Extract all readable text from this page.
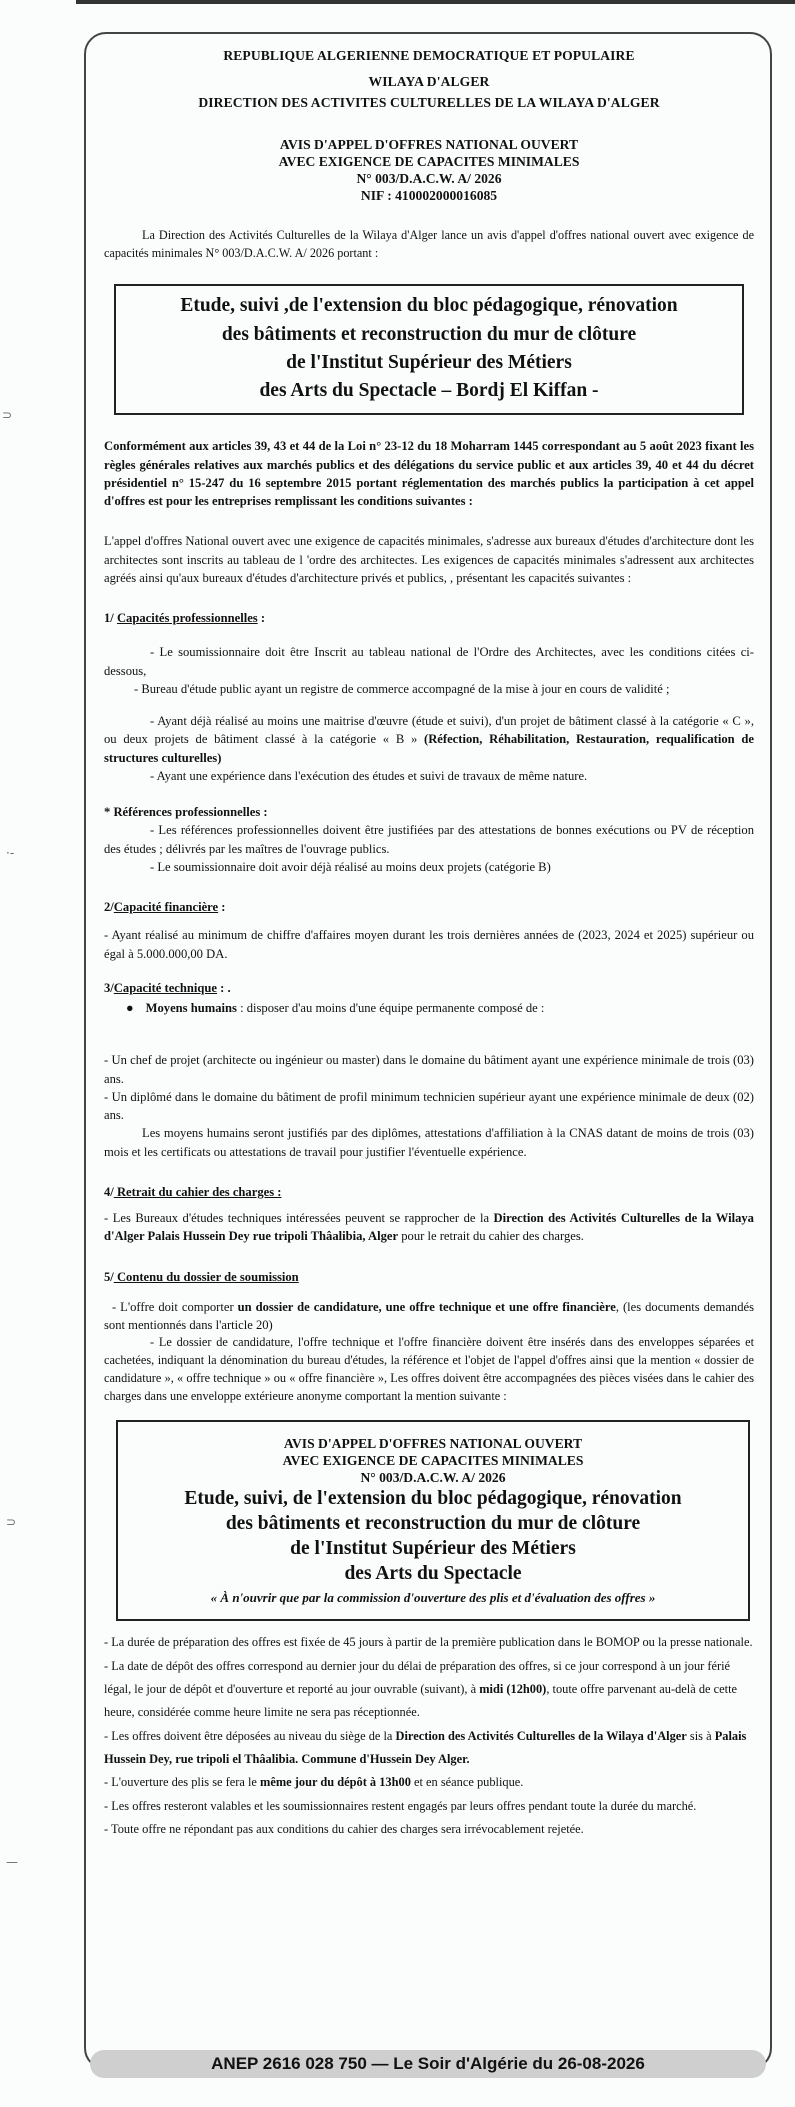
⊃
·-
⊃
—

REPUBLIQUE ALGERIENNE DEMOCRATIQUE ET POPULAIRE

WILAYA D'ALGER

DIRECTION DES ACTIVITES CULTURELLES DE LA WILAYA D'ALGER

AVIS D'APPEL D'OFFRES NATIONAL OUVERT

AVEC EXIGENCE DE CAPACITES MINIMALES

N° 003/D.A.C.W. A/ 2026

NIF : 410002000016085

La Direction des Activités Culturelles de la Wilaya d'Alger lance un avis d'appel d'offres national ouvert avec exigence de capacités minimales N° 003/D.A.C.W. A/ 2026 portant :

Etude, suivi ,de l'extension du bloc pédagogique, rénovation

des bâtiments et reconstruction du mur de clôture

de l'Institut Supérieur des Métiers

des Arts du Spectacle – Bordj El Kiffan -

Conformément aux articles 39, 43 et 44 de la Loi n° 23-12 du 18 Moharram 1445 correspondant au 5 août 2023 fixant les règles générales relatives aux marchés publics et des délégations du service public et aux articles 39, 40 et 44 du décret présidentiel n° 15-247 du 16 septembre 2015 portant réglementation des marchés publics la participation à cet appel d'offres est pour les entreprises remplissant les conditions suivantes :

L'appel d'offres National ouvert avec une exigence de capacités minimales, s'adresse aux bureaux d'études d'architecture dont les architectes sont inscrits au tableau de l 'ordre des architectes. Les exigences de capacités minimales s'adressent aux architectes agréés ainsi qu'aux bureaux d'études d'architecture privés et publics, , présentant les capacités suivantes :

1/ Capacités professionnelles :

- Le soumissionnaire doit être Inscrit au tableau national de l'Ordre des Architectes, avec les conditions citées ci-dessous,

- Bureau d'étude public ayant un registre de commerce accompagné de la mise à jour en cours de validité ;

- Ayant déjà réalisé au moins une maitrise d'œuvre (étude et suivi), d'un projet de bâtiment classé à la catégorie « C », ou deux projets de bâtiment classé à la catégorie « B » (Réfection, Réhabilitation, Restauration, requalification de structures culturelles)

- Ayant une expérience dans l'exécution des études et suivi de travaux de même nature.

* Références professionnelles :

- Les références professionnelles doivent être justifiées par des attestations de bonnes exécutions ou PV de réception des études ; délivrés par les maîtres de l'ouvrage publics.

- Le soumissionnaire doit avoir déjà réalisé au moins deux projets (catégorie B)

2/Capacité financière :

- Ayant réalisé au minimum de chiffre d'affaires moyen durant les trois dernières années de (2023, 2024 et 2025) supérieur ou égal à 5.000.000,00 DA.

3/Capacité technique : .

● Moyens humains : disposer d'au moins d'une équipe permanente composé de :

- Un chef de projet (architecte ou ingénieur ou master) dans le domaine du bâtiment ayant une expérience minimale de trois (03) ans.

- Un diplômé dans le domaine du bâtiment de profil minimum technicien supérieur ayant une expérience minimale de deux (02) ans.

Les moyens humains seront justifiés par des diplômes, attestations d'affiliation à la CNAS datant de moins de trois (03) mois et les certificats ou attestations de travail pour justifier l'éventuelle expérience.

4/ Retrait du cahier des charges :

- Les Bureaux d'études techniques intéressées peuvent se rapprocher de la Direction des Activités Culturelles de la Wilaya d'Alger Palais Hussein Dey rue tripoli Thâalibia, Alger pour le retrait du cahier des charges.

5/ Contenu du dossier de soumission

- L'offre doit comporter un dossier de candidature, une offre technique et une offre financière, (les documents demandés sont mentionnés dans l'article 20)

- Le dossier de candidature, l'offre technique et l'offre financière doivent être insérés dans des enveloppes séparées et cachetées, indiquant la dénomination du bureau d'études, la référence et l'objet de l'appel d'offres ainsi que la mention « dossier de candidature », « offre technique » ou « offre financière », Les offres doivent être accompagnées des pièces visées dans le cahier des charges dans une enveloppe extérieure anonyme comportant la mention suivante :

AVIS D'APPEL D'OFFRES NATIONAL OUVERT

AVEC EXIGENCE DE CAPACITES MINIMALES

N° 003/D.A.C.W. A/ 2026

Etude, suivi, de l'extension du bloc pédagogique, rénovation

des bâtiments et reconstruction du mur de clôture

de l'Institut Supérieur des Métiers

des Arts du Spectacle

« À n'ouvrir que par la commission d'ouverture des plis et d'évaluation des offres »

- La durée de préparation des offres est fixée de 45 jours à partir de la première publication dans le BOMOP ou la presse nationale.

- La date de dépôt des offres correspond au dernier jour du délai de préparation des offres, si ce jour correspond à un jour férié légal, le jour de dépôt et d'ouverture et reporté au jour ouvrable (suivant), à midi (12h00), toute offre parvenant au-delà de cette heure, considérée comme heure limite ne sera pas réceptionnée.

- Les offres doivent être déposées au niveau du siège de la Direction des Activités Culturelles de la Wilaya d'Alger sis à Palais Hussein Dey, rue tripoli el Thâalibia. Commune d'Hussein Dey Alger.

- L'ouverture des plis se fera le même jour du dépôt à 13h00 et en séance publique.

- Les offres resteront valables et les soumissionnaires restent engagés par leurs offres pendant toute la durée du marché.

- Toute offre ne répondant pas aux conditions du cahier des charges sera irrévocablement rejetée.

ANEP 2616 028 750 — Le Soir d'Algérie du 26-08-2026
